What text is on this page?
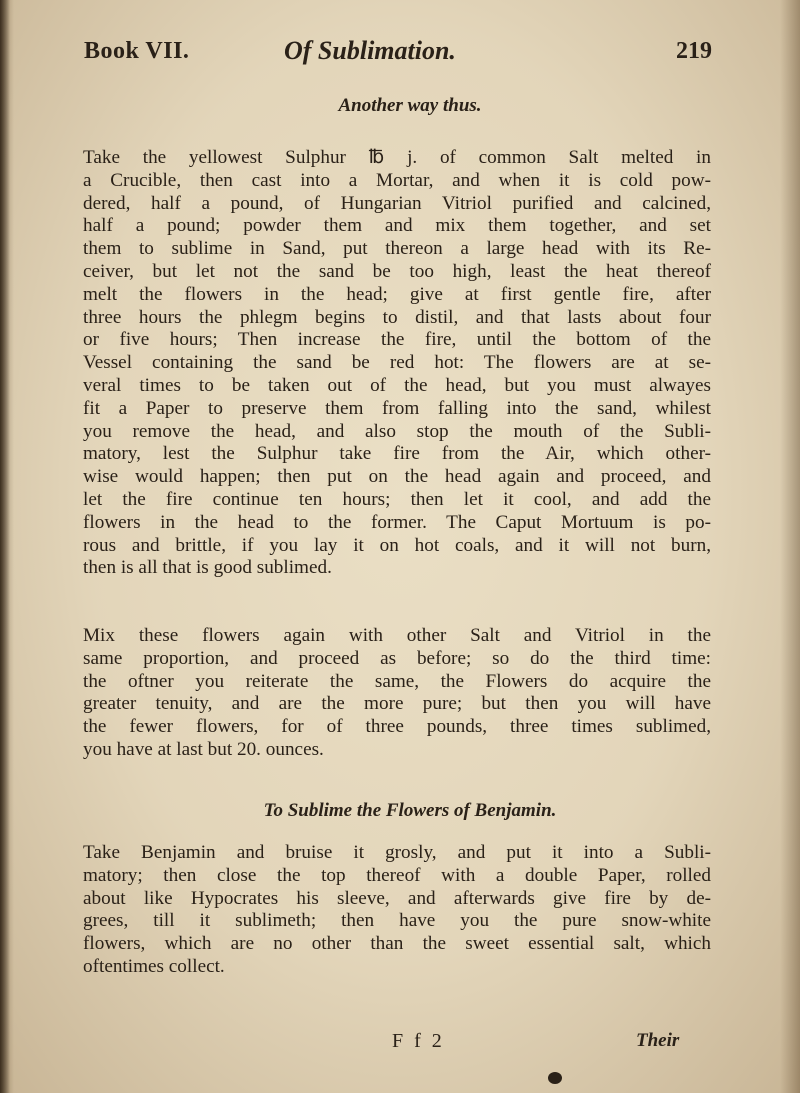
Book VII.	Of Sublimation.	219
Another way thus.
Take the yellowest Sulphur ℔ j. of common Salt melted in
a Crucible, then cast into a Mortar, and when it is cold pow-
dered, half a pound, of Hungarian Vitriol purified and calcined,
half a pound; powder them and mix them together, and set
them to sublime in Sand, put thereon a large head with its Re-
ceiver, but let not the sand be too high, least the heat thereof
melt the flowers in the head; give at first gentle fire, after
three hours the phlegm begins to distil, and that lasts about four
or five hours; Then increase the fire, until the bottom of the
Vessel containing the sand be red hot: The flowers are at se-
veral times to be taken out of the head, but you must alwayes
fit a Paper to preserve them from falling into the sand, whilest
you remove the head, and also stop the mouth of the Subli-
matory, lest the Sulphur take fire from the Air, which other-
wise would happen; then put on the head again and proceed, and
let the fire continue ten hours; then let it cool, and add the
flowers in the head to the former. The Caput Mortuum is po-
rous and brittle, if you lay it on hot coals, and it will not burn,
then is all that is good sublimed.
Mix these flowers again with other Salt and Vitriol in the
same proportion, and proceed as before; so do the third time:
the oftner you reiterate the same, the Flowers do acquire the
greater tenuity, and are the more pure; but then you will have
the fewer flowers, for of three pounds, three times sublimed,
you have at last but 20. ounces.
To Sublime the Flowers of Benjamin.
Take Benjamin and bruise it grosly, and put it into a Subli-
matory; then close the top thereof with a double Paper, rolled
about like Hypocrates his sleeve, and afterwards give fire by de-
grees, till it sublimeth; then have you the pure snow-white
flowers, which are no other than the sweet essential salt, which
oftentimes collect.
F f 2	Their
